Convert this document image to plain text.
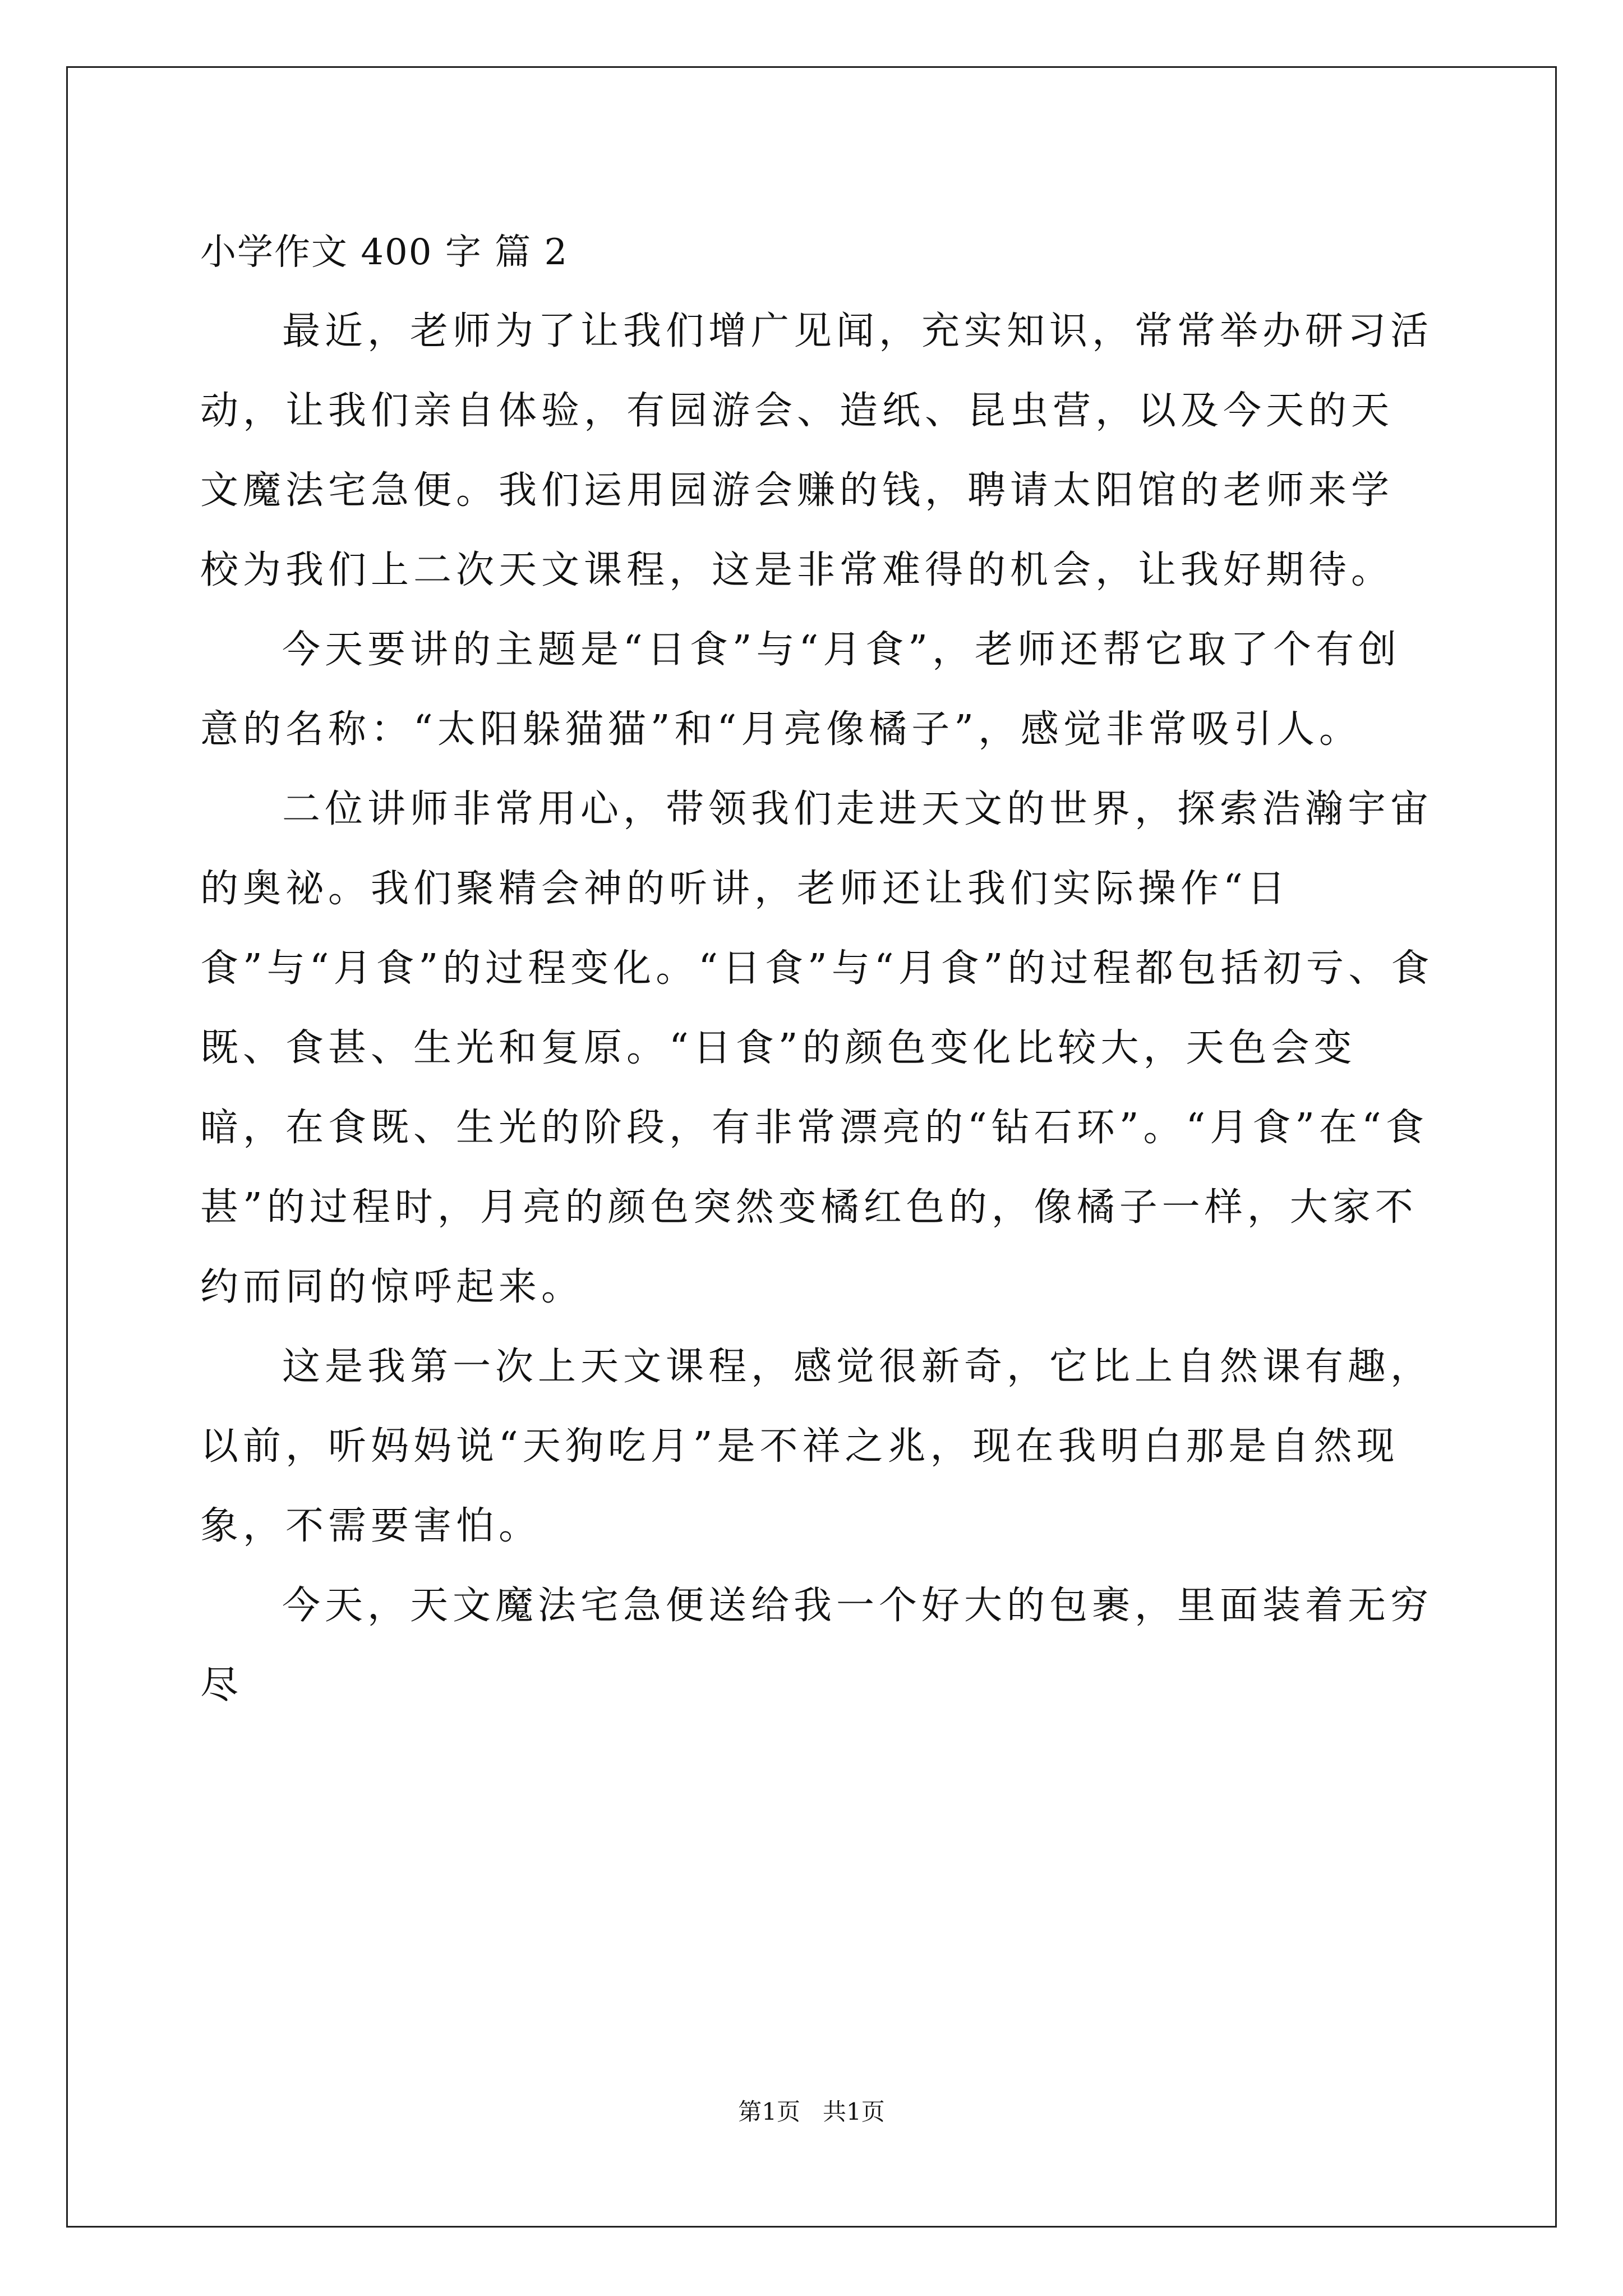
小学作文 400 字 篇 2

最近，老师为了让我们增广见闻，充实知识，常常举办研习活动，让我们亲自体验，有园游会、造纸、昆虫营，以及今天的天文魔法宅急便。我们运用园游会赚的钱，聘请太阳馆的老师来学校为我们上二次天文课程，这是非常难得的机会，让我好期待。

今天要讲的主题是“日食”与“月食”，老师还帮它取了个有创意的名称：“太阳躲猫猫”和“月亮像橘子”，感觉非常吸引人。

二位讲师非常用心，带领我们走进天文的世界，探索浩瀚宇宙的奥祕。我们聚精会神的听讲，老师还让我们实际操作“日食”与“月食”的过程变化。“日食”与“月食”的过程都包括初亏、食既、食甚、生光和复原。“日食”的颜色变化比较大，天色会变暗，在食既、生光的阶段，有非常漂亮的“钻石环”。“月食”在“食甚”的过程时，月亮的颜色突然变橘红色的，像橘子一样，大家不约而同的惊呼起来。

这是我第一次上天文课程，感觉很新奇，它比上自然课有趣，以前，听妈妈说“天狗吃月”是不祥之兆，现在我明白那是自然现象，不需要害怕。

今天，天文魔法宅急便送给我一个好大的包裹，里面装着无穷尽

第1页 共1页
